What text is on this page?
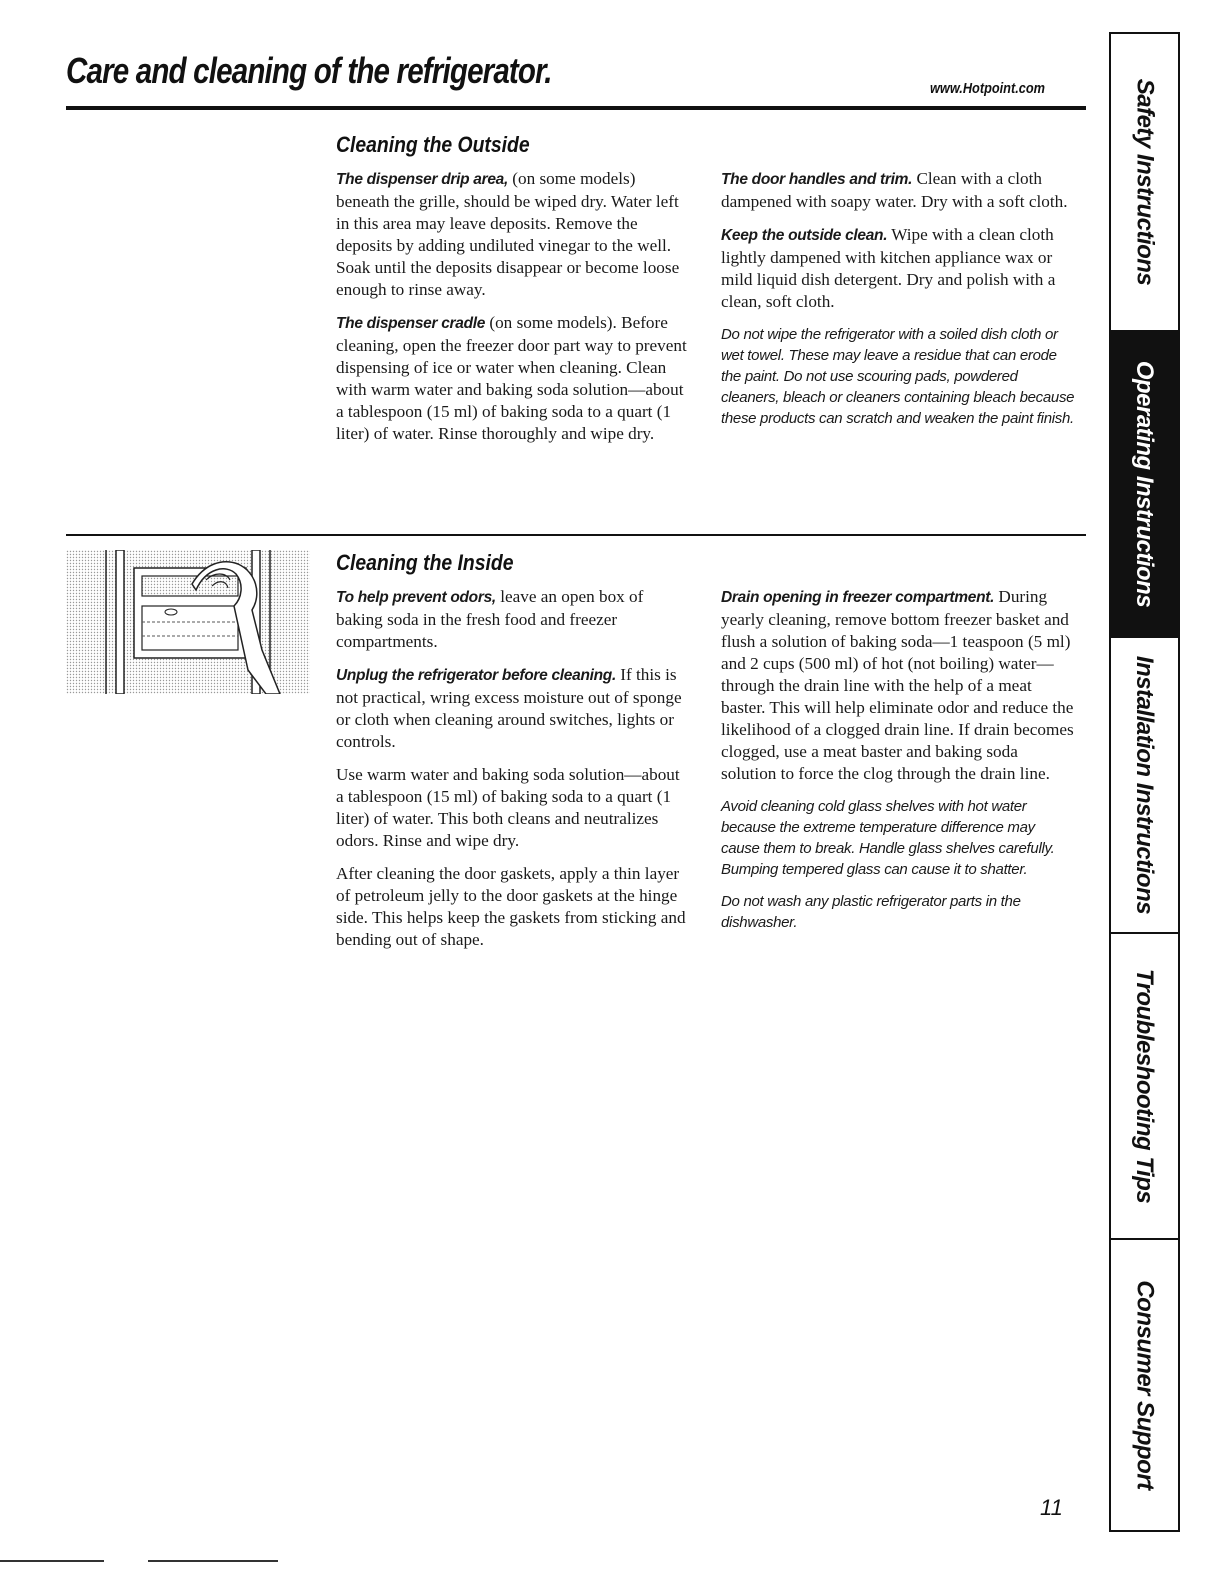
Care and cleaning of the refrigerator.	www.Hotpoint.com
Cleaning the Outside

The dispenser drip area, (on some models) beneath the grille, should be wiped dry. Water left in this area may leave deposits. Remove the deposits by adding undiluted vinegar to the well. Soak until the deposits disappear or become loose enough to rinse away.

The dispenser cradle (on some models). Before cleaning, open the freezer door part way to prevent dispensing of ice or water when cleaning. Clean with warm water and baking soda solution—about a tablespoon (15 ml) of baking soda to a quart (1 liter) of water. Rinse thoroughly and wipe dry.

The door handles and trim. Clean with a cloth dampened with soapy water. Dry with a soft cloth.

Keep the outside clean. Wipe with a clean cloth lightly dampened with kitchen appliance wax or mild liquid dish detergent. Dry and polish with a clean, soft cloth.

Do not wipe the refrigerator with a soiled dish cloth or wet towel. These may leave a residue that can erode the paint. Do not use scouring pads, powdered cleaners, bleach or cleaners containing bleach because these products can scratch and weaken the paint finish.

Cleaning the Inside

To help prevent odors, leave an open box of baking soda in the fresh food and freezer compartments.

Unplug the refrigerator before cleaning. If this is not practical, wring excess moisture out of sponge or cloth when cleaning around switches, lights or controls.

Use warm water and baking soda solution—about a tablespoon (15 ml) of baking soda to a quart (1 liter) of water. This both cleans and neutralizes odors. Rinse and wipe dry.

After cleaning the door gaskets, apply a thin layer of petroleum jelly to the door gaskets at the hinge side. This helps keep the gaskets from sticking and bending out of shape.

Drain opening in freezer compartment. During yearly cleaning, remove bottom freezer basket and flush a solution of baking soda—1 teaspoon (5 ml) and 2 cups (500 ml) of hot (not boiling) water—through the drain line with the help of a meat baster. This will help eliminate odor and reduce the likelihood of a clogged drain line. If drain becomes clogged, use a meat baster and baking soda solution to force the clog through the drain line.

Avoid cleaning cold glass shelves with hot water because the extreme temperature difference may cause them to break. Handle glass shelves carefully. Bumping tempered glass can cause it to shatter.

Do not wash any plastic refrigerator parts in the dishwasher.

Safety Instructions
Operating Instructions
Installation Instructions
Troubleshooting Tips
Consumer Support
11
